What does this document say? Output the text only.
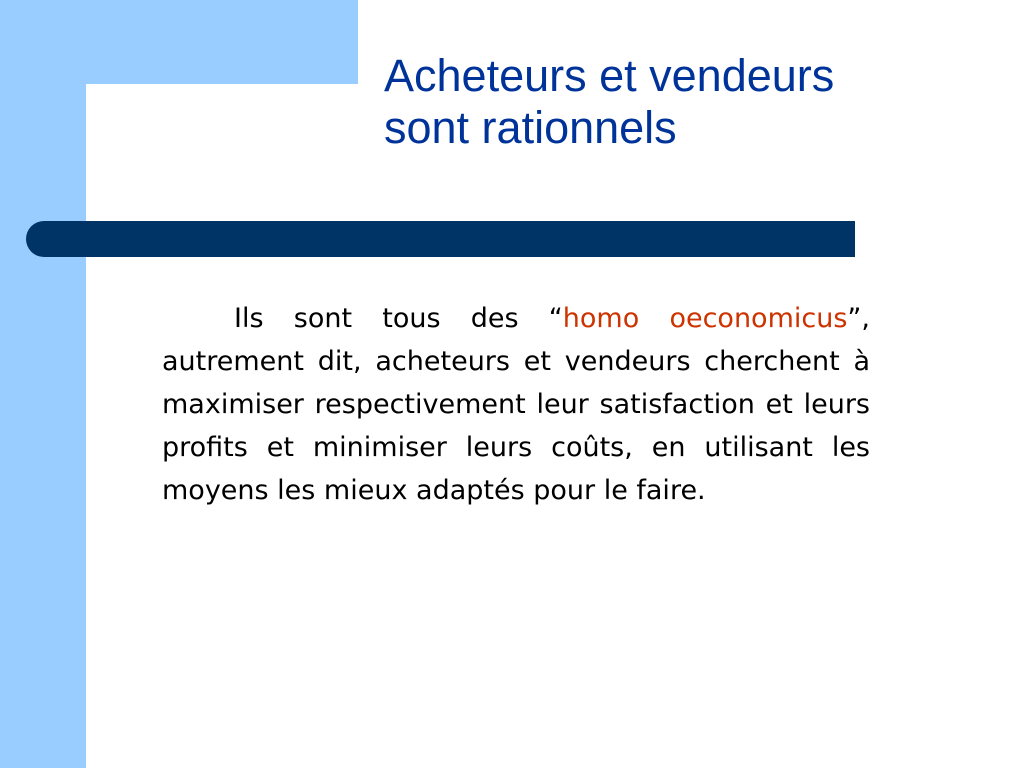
Acheteurs et vendeurs
sont rationnels

Ils sont tous des “homo oeconomicus”, autrement dit, acheteurs et vendeurs cherchent à maximiser respectivement leur satisfaction et leurs profits et minimiser leurs coûts, en utilisant les moyens les mieux adaptés pour le faire.
